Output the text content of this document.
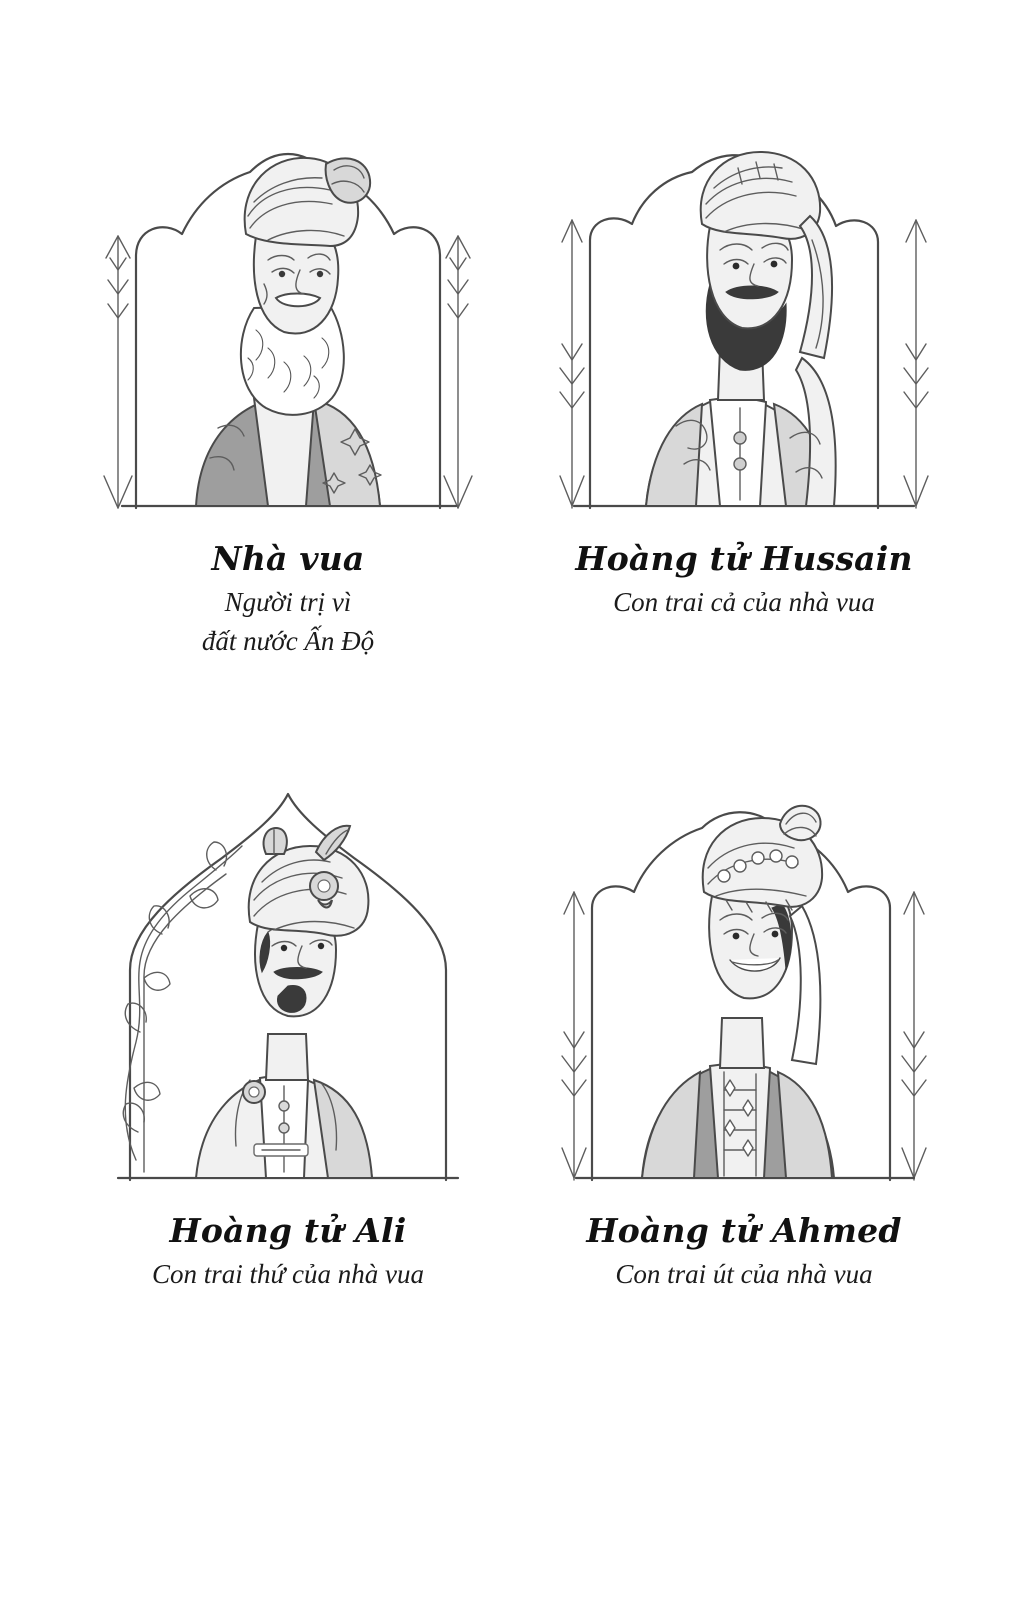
Nhà vua
Người trị vì
đất nước Ấn Độ
Hoàng tử Hussain
Con trai cả của nhà vua
Hoàng tử Ali
Con trai thứ của nhà vua
Hoàng tử Ahmed
Con trai út của nhà vua
